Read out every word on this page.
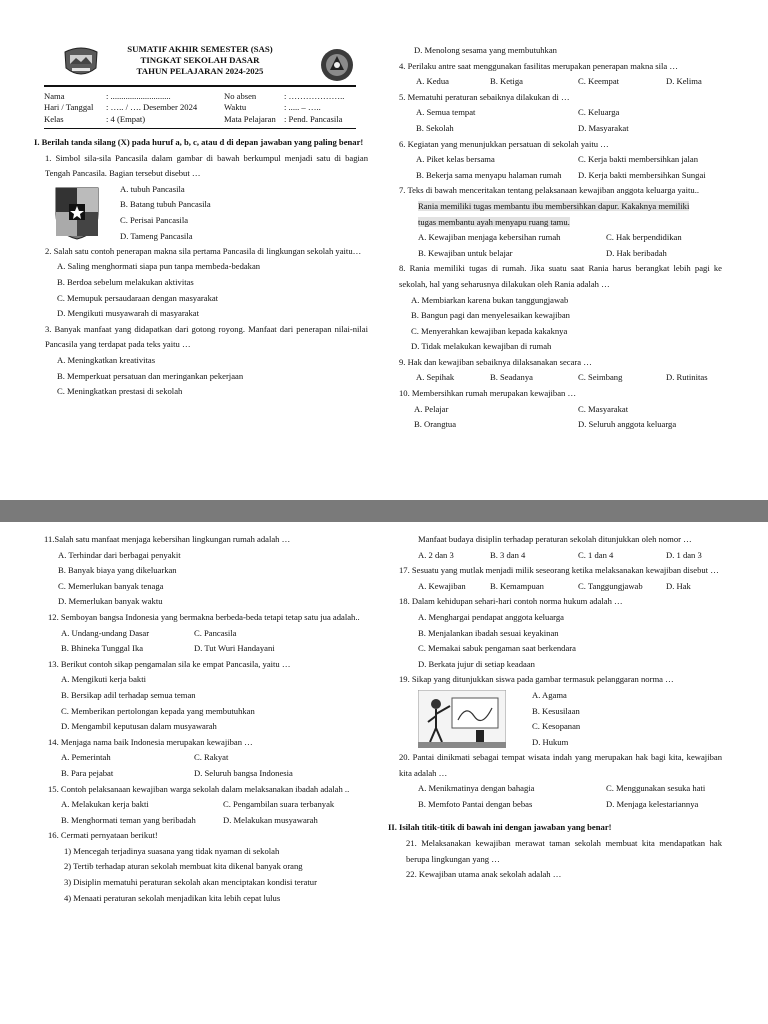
SUMATIF AKHIR SEMESTER (SAS)
TINGKAT SEKOLAH DASAR
TAHUN PELAJARAN 2024-2025
Nama	: ............................	No absen	: ………………..
Hari / Tanggal	: ….. / …. Desember 2024	Waktu	: ..... – …..
Kelas	: 4 (Empat)	Mata Pelajaran : Pend. Pancasila

I. Berilah tanda silang (X) pada huruf a, b, c, atau d di depan jawaban yang paling benar!

1. Simbol sila-sila Pancasila dalam gambar di bawah berkumpul menjadi satu di bagian Tengah Pancasila. Bagian tersebut disebut …

A. tubuh Pancasila

B. Batang tubuh Pancasila

C. Perisai Pancasila

D. Tameng Pancasila

2. Salah satu contoh penerapan makna sila pertama Pancasila di lingkungan sekolah yaitu…

A. Saling menghormati siapa pun tanpa membeda-bedakan

B. Berdoa sebelum melakukan aktivitas

C. Memupuk persaudaraan dengan masyarakat

D. Mengikuti musyawarah di masyarakat

3. Banyak manfaat yang didapatkan dari gotong royong. Manfaat dari penerapan nilai-nilai Pancasila yang terdapat pada teks yaitu …

A. Meningkatkan kreativitas

B. Memperkuat persatuan dan meringankan pekerjaan

C. Meningkatkan prestasi di sekolah

D. Menolong sesama yang membutuhkan

4. Perilaku antre saat menggunakan fasilitas merupakan penerapan makna sila …

A. Kedua	B. Ketiga	C. Keempat	D. Kelima

5. Mematuhi peraturan sebaiknya dilakukan di …

A. Semua tempat	C. Keluarga
B. Sekolah	D. Masyarakat

6. Kegiatan yang menunjukkan persatuan di sekolah yaitu …

A. Piket kelas bersama	C. Kerja bakti membersihkan jalan
B. Bekerja sama menyapu halaman rumah	D. Kerja bakti membersihkan Sungai

7. Teks di bawah menceritakan tentang pelaksanaan kewajiban anggota keluarga yaitu..

Rania memiliki tugas membantu ibu membersihkan dapur. Kakaknya memiliki

tugas membantu ayah menyapu ruang tamu.

A. Kewajiban menjaga kebersihan rumah	C. Hak berpendidikan
B. Kewajiban untuk belajar	D. Hak beribadah

8. Rania memiliki tugas di rumah. Jika suatu saat Rania harus berangkat lebih pagi ke sekolah, hal yang seharusnya dilakukan oleh Rania adalah …

A. Membiarkan karena bukan tanggungjawab

B. Bangun pagi dan menyelesaikan kewajiban

C. Menyerahkan kewajiban kepada kakaknya

D. Tidak melakukan kewajiban di rumah

9. Hak dan kewajiban sebaiknya dilaksanakan secara …

A. Sepihak	B. Seadanya	C. Seimbang	D. Rutinitas

10. Membersihkan rumah merupakan kewajiban …

A. Pelajar	C. Masyarakat
B. Orangtua	D. Seluruh anggota keluarga

11.Salah satu manfaat menjaga kebersihan lingkungan rumah adalah …

A. Terhindar dari berbagai penyakit

B. Banyak biaya yang dikeluarkan

C. Memerlukan banyak tenaga

D. Memerlukan banyak waktu

12. Semboyan bangsa Indonesia yang bermakna berbeda-beda tetapi tetap satu jua adalah..

A. Undang-undang Dasar	C. Pancasila
B. Bhineka Tunggal Ika	D. Tut Wuri Handayani

13. Berikut contoh sikap pengamalan sila ke empat Pancasila, yaitu …

A. Mengikuti kerja bakti

B. Bersikap adil terhadap semua teman

C. Memberikan pertolongan kepada yang membutuhkan

D. Mengambil keputusan dalam musyawarah

14. Menjaga nama baik Indonesia merupakan kewajiban …

A. Pemerintah	C. Rakyat
B. Para pejabat	D. Seluruh bangsa Indonesia

15. Contoh pelaksanaan kewajiban warga sekolah dalam melaksanakan ibadah adalah ..

A. Melakukan kerja bakti	C. Pengambilan suara terbanyak
B. Menghormati teman yang beribadah	D. Melakukan musyawarah

16. Cermati pernyataan berikut!

1) Mencegah terjadinya suasana yang tidak nyaman di sekolah

2) Tertib terhadap aturan sekolah membuat kita dikenal banyak orang

3) Disiplin mematuhi peraturan sekolah akan menciptakan kondisi teratur

4) Menaati peraturan sekolah menjadikan kita lebih cepat lulus

Manfaat budaya disiplin terhadap peraturan sekolah ditunjukkan oleh nomor …

A. 2 dan 3	B. 3 dan 4	C. 1 dan 4	D. 1 dan 3

17. Sesuatu yang mutlak menjadi milik seseorang ketika melaksanakan kewajiban disebut …

A. Kewajiban	B. Kemampuan	C. Tanggungjawab	D. Hak

18. Dalam kehidupan sehari-hari contoh norma hukum adalah …

A. Menghargai pendapat anggota keluarga

B. Menjalankan ibadah sesuai keyakinan

C. Memakai sabuk pengaman saat berkendara

D. Berkata jujur di setiap keadaan

19. Sikap yang ditunjukkan siswa pada gambar termasuk pelanggaran norma …

A. Agama

B. Kesusilaan

C. Kesopanan

D. Hukum

20. Pantai dinikmati sebagai tempat wisata indah yang merupakan hak bagi kita, kewajiban kita adalah …

A. Menikmatinya dengan bahagia	C. Menggunakan sesuka hati
B. Memfoto Pantai dengan bebas	D. Menjaga kelestariannya

II. Isilah titik-titik di bawah ini dengan jawaban yang benar!

21. Melaksanakan kewajiban merawat taman sekolah membuat kita mendapatkan hak berupa lingkungan yang …

22. Kewajiban utama anak sekolah adalah …
